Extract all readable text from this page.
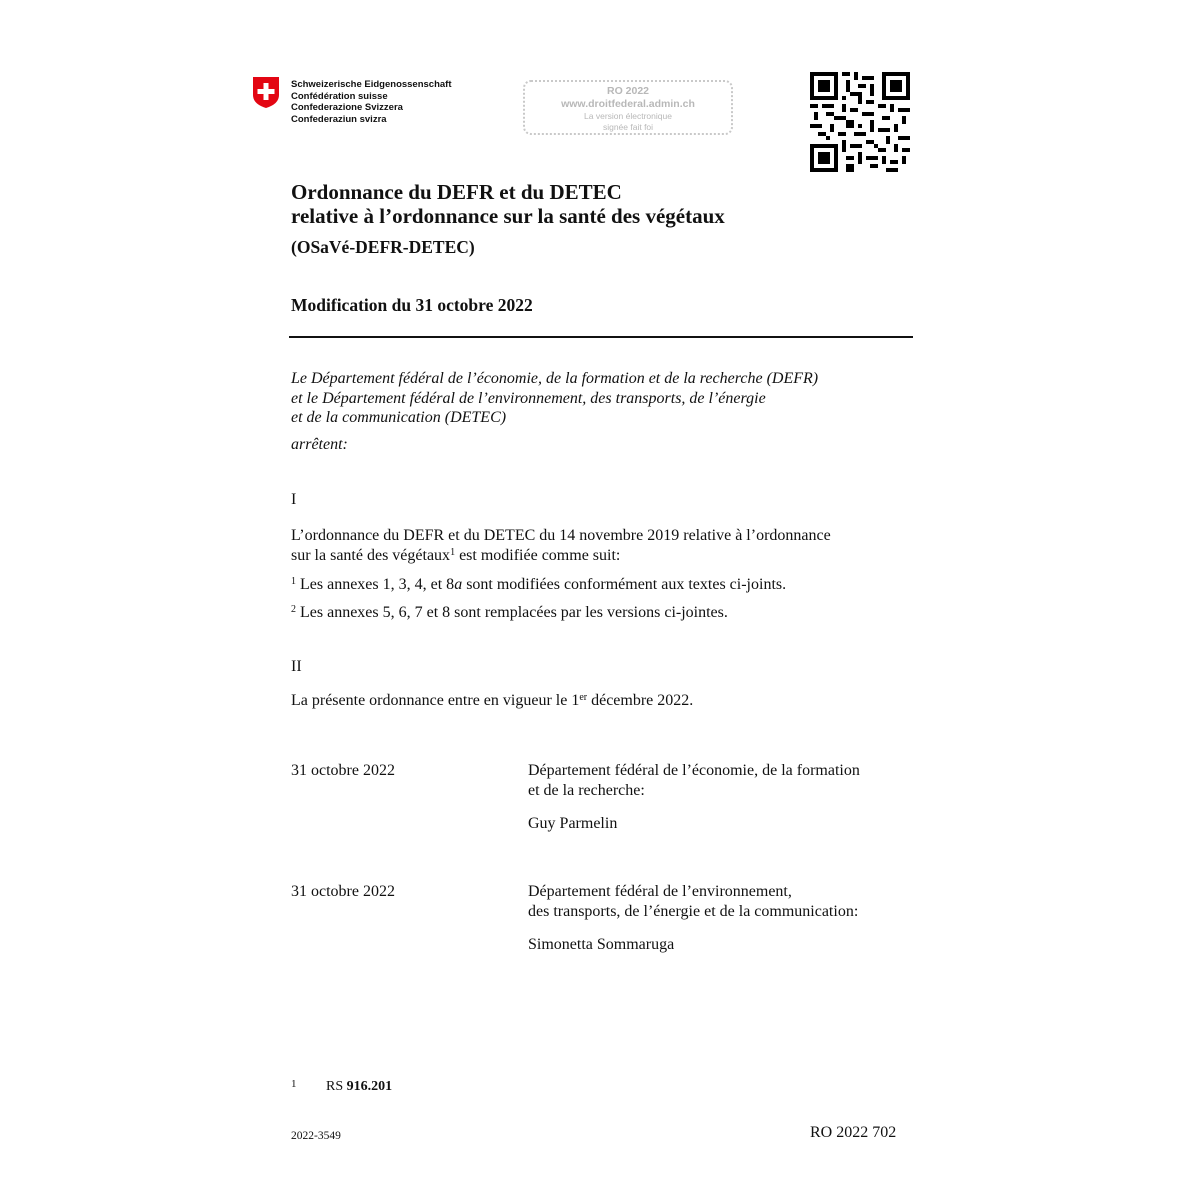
Schweizerische Eidgenossenschaft
Confédération suisse
Confederazione Svizzera
Confederaziun svizra
RO 2022
www.droitfederal.admin.ch
La version électronique
signée fait foi
Ordonnance du DEFR et du DETEC
relative à l’ordonnance sur la santé des végétaux
(OSaVé-DEFR-DETEC)
Modification du 31 octobre 2022
Le Département fédéral de l’économie, de la formation et de la recherche (DEFR)
et le Département fédéral de l’environnement, des transports, de l’énergie
et de la communication (DETEC)
arrêtent:
I
L’ordonnance du DEFR et du DETEC du 14 novembre 2019 relative à l’ordonnance
sur la santé des végétaux$^1$ est modifiée comme suit:
$^1$ Les annexes 1, 3, 4, et 8a sont modifiées conformément aux textes ci-joints.
$^2$ Les annexes 5, 6, 7 et 8 sont remplacées par les versions ci-jointes.
II
La présente ordonnance entre en vigueur le 1er décembre 2022.
31 octobre 2022	Département fédéral de l’économie, de la formation
et de la recherche:
Guy Parmelin
31 octobre 2022	Département fédéral de l’environnement,
des transports, de l’énergie et de la communication:
Simonetta Sommaruga
1 RS 916.201
2022-3549	RO 2022 702
